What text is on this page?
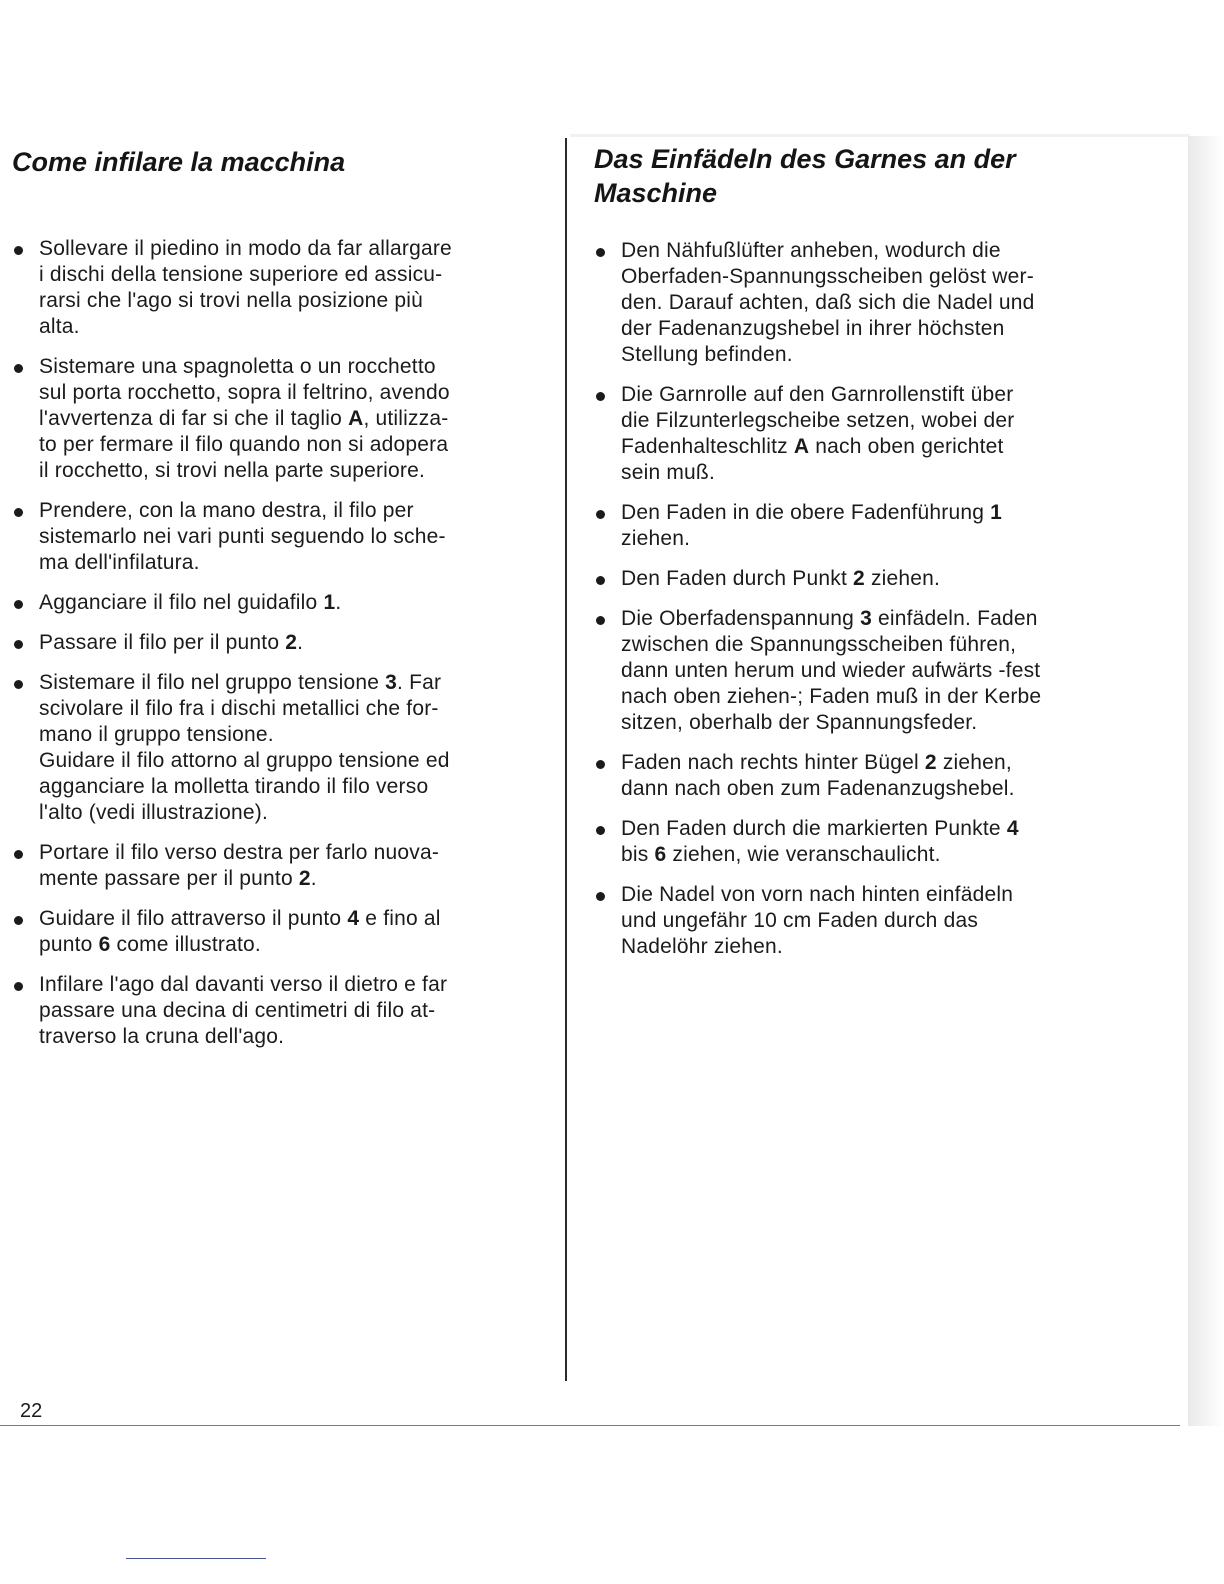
Come infilare la macchina
Sollevare il piedino in modo da far allargare
i dischi della tensione superiore ed assicu-
rarsi che l'ago si trovi nella posizione più
alta.
Sistemare una spagnoletta o un rocchetto
sul porta rocchetto, sopra il feltrino, avendo
l'avvertenza di far si che il taglio A, utilizza-
to per fermare il filo quando non si adopera
il rocchetto, si trovi nella parte superiore.
Prendere, con la mano destra, il filo per
sistemarlo nei vari punti seguendo lo sche-
ma dell'infilatura.
Agganciare il filo nel guidafilo 1.
Passare il filo per il punto 2.
Sistemare il filo nel gruppo tensione 3. Far
scivolare il filo fra i dischi metallici che for-
mano il gruppo tensione.
Guidare il filo attorno al gruppo tensione ed
agganciare la molletta tirando il filo verso
l'alto (vedi illustrazione).
Portare il filo verso destra per farlo nuova-
mente passare per il punto 2.
Guidare il filo attraverso il punto 4 e fino al
punto 6 come illustrato.
Infilare l'ago dal davanti verso il dietro e far
passare una decina di centimetri di filo at-
traverso la cruna dell'ago.
Das Einfädeln des Garnes an der
Maschine
Den Nähfußlüfter anheben, wodurch die
Oberfaden-Spannungsscheiben gelöst wer-
den. Darauf achten, daß sich die Nadel und
der Fadenanzugshebel in ihrer höchsten
Stellung befinden.
Die Garnrolle auf den Garnrollenstift über
die Filzunterlegscheibe setzen, wobei der
Fadenhalteschlitz A nach oben gerichtet
sein muß.
Den Faden in die obere Fadenführung 1
ziehen.
Den Faden durch Punkt 2 ziehen.
Die Oberfadenspannung 3 einfädeln. Faden
zwischen die Spannungsscheiben führen,
dann unten herum und wieder aufwärts -fest
nach oben ziehen-; Faden muß in der Kerbe
sitzen, oberhalb der Spannungsfeder.
Faden nach rechts hinter Bügel 2 ziehen,
dann nach oben zum Fadenanzugshebel.
Den Faden durch die markierten Punkte 4
bis 6 ziehen, wie veranschaulicht.
Die Nadel von vorn nach hinten einfädeln
und ungefähr 10 cm Faden durch das
Nadelöhr ziehen.
22
